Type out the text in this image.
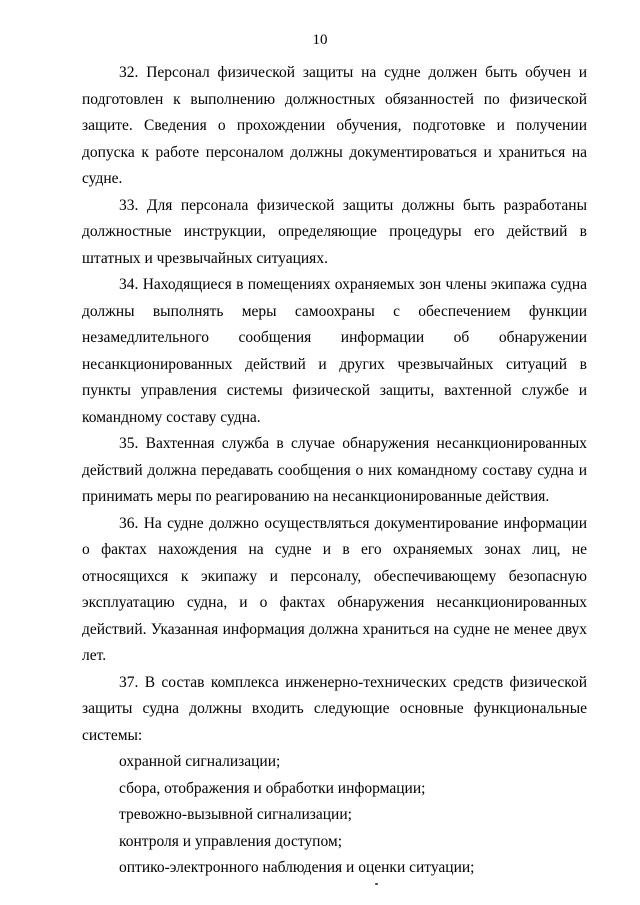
10

32. Персонал физической защиты на судне должен быть обучен и подготовлен к выполнению должностных обязанностей по физической защите. Сведения о прохождении обучения, подготовке и получении допуска к работе персоналом должны документироваться и храниться на судне.

33. Для персонала физической защиты должны быть разработаны должностные инструкции, определяющие процедуры его действий в штатных и чрезвычайных ситуациях.

34. Находящиеся в помещениях охраняемых зон члены экипажа судна должны выполнять меры самоохраны с обеспечением функции незамедлительного сообщения информации об обнаружении несанкционированных действий и других чрезвычайных ситуаций в пункты управления системы физической защиты, вахтенной службе и командному составу судна.

35. Вахтенная служба в случае обнаружения несанкционированных действий должна передавать сообщения о них командному составу судна и принимать меры по реагированию на несанкционированные действия.

36. На судне должно осуществляться документирование информации о фактах нахождения на судне и в его охраняемых зонах лиц, не относящихся к экипажу и персоналу, обеспечивающему безопасную эксплуатацию судна, и о фактах обнаружения несанкционированных действий. Указанная информация должна храниться на судне не менее двух лет.

37. В состав комплекса инженерно-технических средств физической защиты судна должны входить следующие основные функциональные системы:

охранной сигнализации;
сбора, отображения и обработки информации;
тревожно-вызывной сигнализации;
контроля и управления доступом;
оптико-электронного наблюдения и оценки ситуации;
